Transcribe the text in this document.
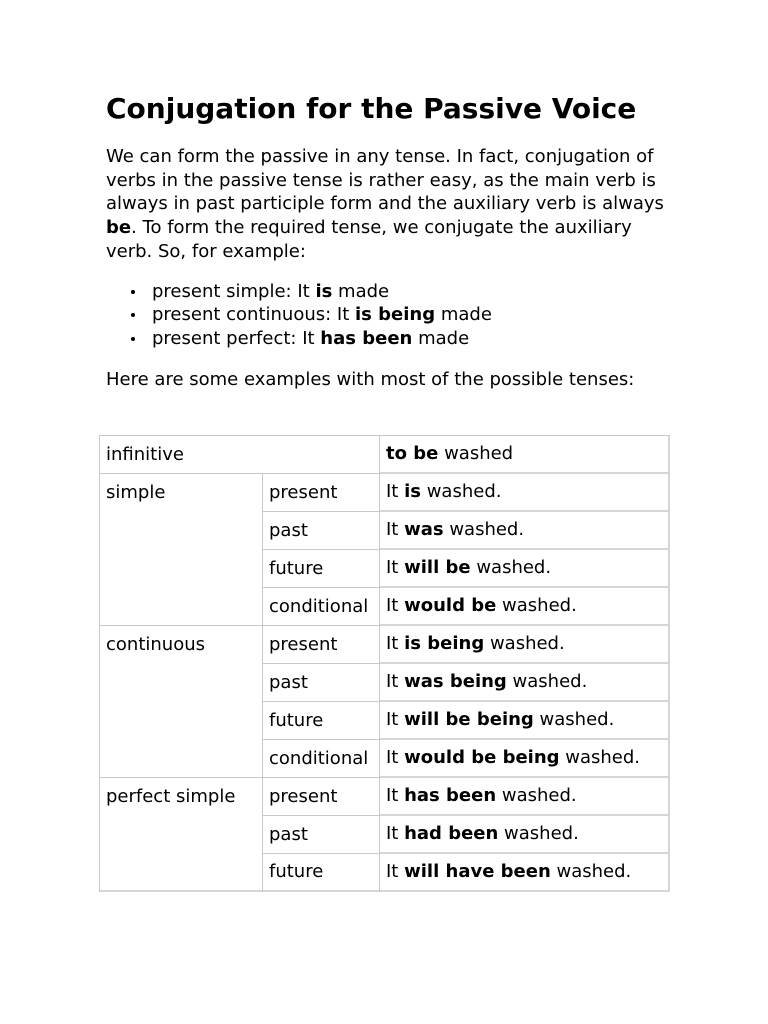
Conjugation for the Passive Voice

We can form the passive in any tense. In fact, conjugation of verbs in the passive tense is rather easy, as the main verb is always in past participle form and the auxiliary verb is always be. To form the required tense, we conjugate the auxiliary verb. So, for example:

present simple: It is made
present continuous: It is being made
present perfect: It has been made

Here are some examples with most of the possible tenses:

infinitive		to be washed
simple	present	It is washed.
	past	It was washed.
	future	It will be washed.
	conditional	It would be washed.
continuous	present	It is being washed.
	past	It was being washed.
	future	It will be being washed.
	conditional	It would be being washed.
perfect simple	present	It has been washed.
	past	It had been washed.
	future	It will have been washed.
